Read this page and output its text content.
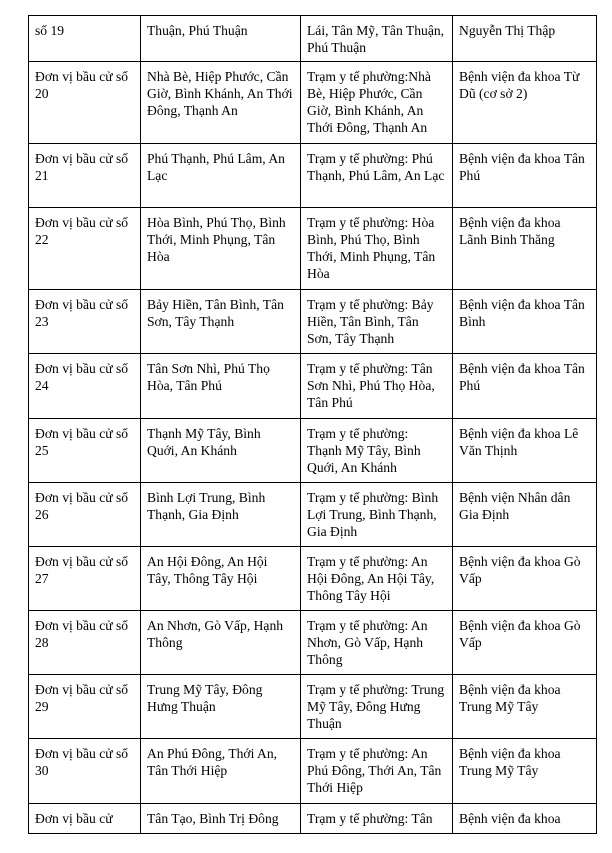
số 19	Thuận, Phú Thuận	Lái, Tân Mỹ, Tân Thuận, Phú Thuận	Nguyễn Thị Thập

Đơn vị bầu cử số 20	Nhà Bè, Hiệp Phước, Cần Giờ, Bình Khánh, An Thới Đông, Thạnh An	Trạm y tế phường:Nhà Bè, Hiệp Phước, Cần Giờ, Bình Khánh, An Thới Đông, Thạnh An	Bệnh viện đa khoa Từ Dũ (cơ sở 2)

Đơn vị bầu cử số 21	Phú Thạnh, Phú Lâm, An Lạc	Trạm y tế phường: Phú Thạnh, Phú Lâm, An Lạc	Bệnh viện đa khoa Tân Phú

Đơn vị bầu cử số 22	Hòa Bình, Phú Thọ, Bình Thới, Minh Phụng, Tân Hòa	Trạm y tế phường: Hòa Bình, Phú Thọ, Bình Thới, Minh Phụng, Tân Hòa	Bệnh viện đa khoa Lãnh Binh Thăng

Đơn vị bầu cử số 23	Bảy Hiền, Tân Bình, Tân Sơn, Tây Thạnh	Trạm y tế phường: Bảy Hiền, Tân Bình, Tân Sơn, Tây Thạnh	Bệnh viện đa khoa Tân Bình

Đơn vị bầu cử số 24	Tân Sơn Nhì, Phú Thọ Hòa, Tân Phú	Trạm y tế phường: Tân Sơn Nhì, Phú Thọ Hòa, Tân Phú	Bệnh viện đa khoa Tân Phú

Đơn vị bầu cử số 25	Thạnh Mỹ Tây, Bình Quới, An Khánh	Trạm y tế phường: Thạnh Mỹ Tây, Bình Quới, An Khánh	Bệnh viện đa khoa Lê Văn Thịnh

Đơn vị bầu cử số 26	Bình Lợi Trung, Bình Thạnh, Gia Định	Trạm y tế phường: Bình Lợi Trung, Bình Thạnh, Gia Định	Bệnh viện Nhân dân Gia Định

Đơn vị bầu cử số 27	An Hội Đông, An Hội Tây, Thông Tây Hội	Trạm y tế phường: An Hội Đông, An Hội Tây, Thông Tây Hội	Bệnh viện đa khoa Gò Vấp

Đơn vị bầu cử số 28	An Nhơn, Gò Vấp, Hạnh Thông	Trạm y tế phường: An Nhơn, Gò Vấp, Hạnh Thông	Bệnh viện đa khoa Gò Vấp

Đơn vị bầu cử số 29	Trung Mỹ Tây, Đông Hưng Thuận	Trạm y tế phường: Trung Mỹ Tây, Đông Hưng Thuận	Bệnh viện đa khoa Trung Mỹ Tây

Đơn vị bầu cử số 30	An Phú Đông, Thới An, Tân Thới Hiệp	Trạm y tế phường: An Phú Đông, Thới An, Tân Thới Hiệp	Bệnh viện đa khoa Trung Mỹ Tây

Đơn vị bầu cử	Tân Tạo, Bình Trị Đông	Trạm y tế phường: Tân	Bệnh viện đa khoa
